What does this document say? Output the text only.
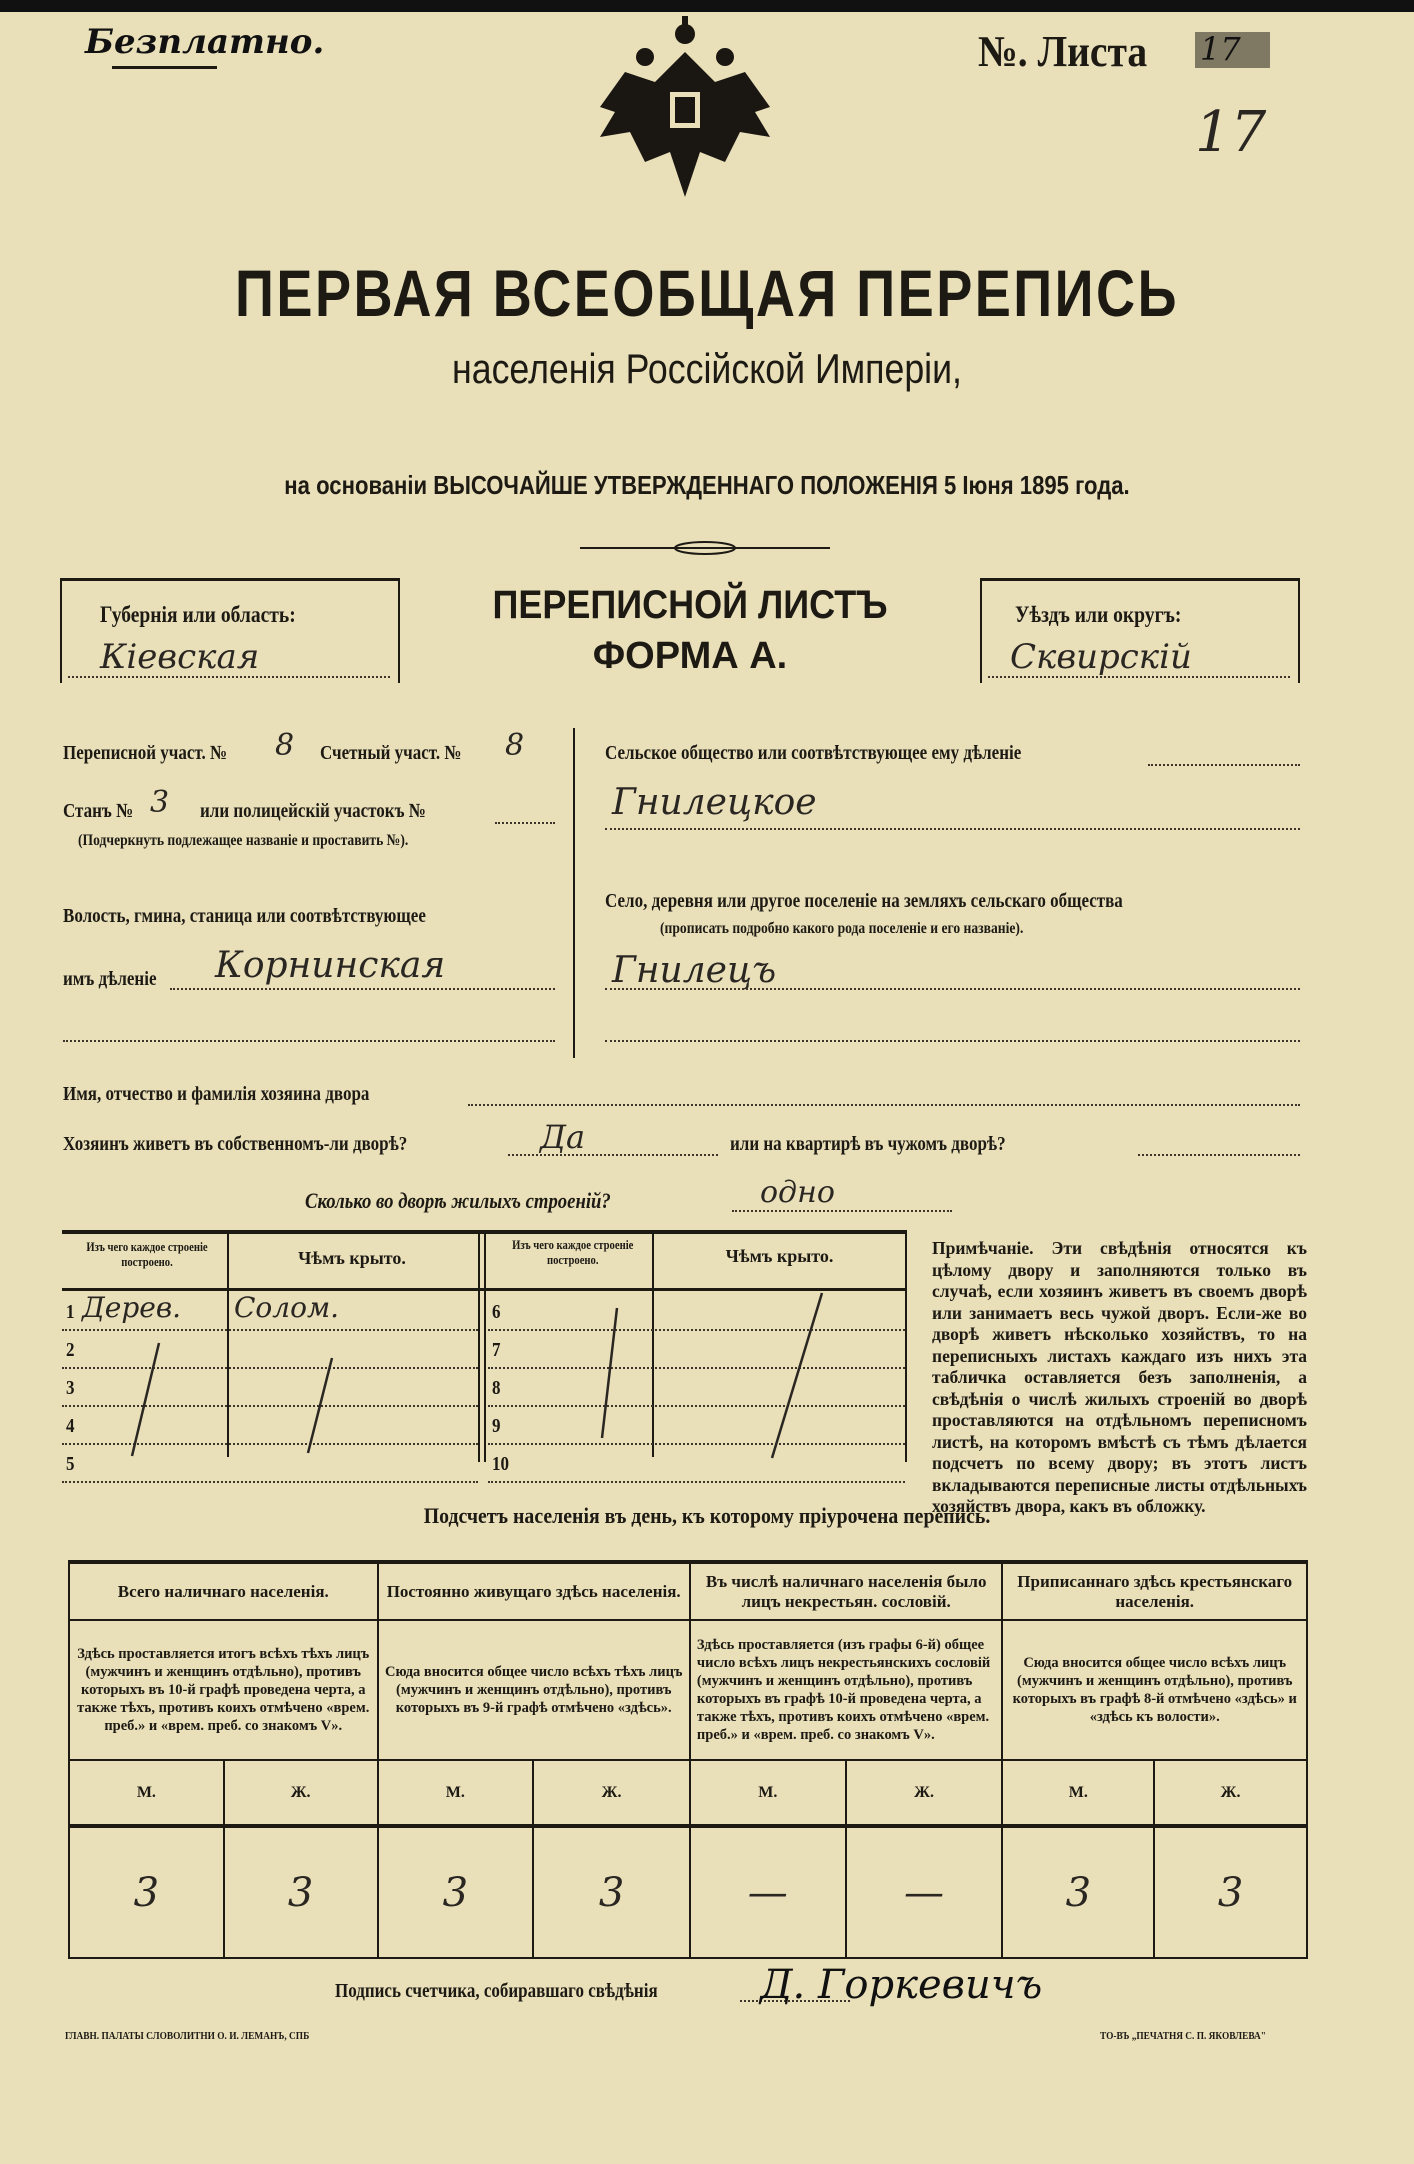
Безплатно.	№. Листа 17
17
ПЕРВАЯ ВСЕОБЩАЯ ПЕРЕПИСЬ
населенія Россійской Имперіи,
на основаніи ВЫСОЧАЙШЕ УТВЕРЖДЕННАГО ПОЛОЖЕНІЯ 5 Іюня 1895 года.
Губернія или область:
Кіевская
ПЕРЕПИСНОЙ ЛИСТЪ
ФОРМА А.
Уѣздъ или округъ:
Сквирскій
Переписной участ. № 8 Счетный участ. № 8
Станъ № 3 или полицейскій участокъ №
(Подчеркнуть подлежащее названіе и проставить №).
Волость, гмина, станица или соотвѣтствующее
имъ дѣленіе Корнинская
Сельское общество или соотвѣтствующее ему дѣленіе
Гнилецкое
Село, деревня или другое поселеніе на земляхъ сельскаго общества
(прописать подробно какого рода поселеніе и его названіе).
Гнилецъ
Имя, отчество и фамилія хозяина двора
Хозяинъ живетъ въ собственномъ-ли дворѣ?	Да	или на квартирѣ въ чужомъ дворѣ?
Сколько во дворѣ жилыхъ строеній?	одно
Изъ чего каждое строеніе построено.	Чѣмъ крыто.
Изъ чего каждое строеніе построено.	Чѣмъ крыто.
1 Дерев. Солом.
2
3
4
5
6
7
8
9
10
Примѣчаніе. Эти свѣдѣнія относятся къ цѣлому двору и заполняются только въ случаѣ, если хозяинъ живетъ въ своемъ дворѣ или занимаетъ весь чужой дворъ. Если-же во дворѣ живетъ нѣсколько хозяйствъ, то на переписныхъ листахъ каждаго изъ нихъ эта табличка оставляется безъ заполненія, а свѣдѣнія о числѣ жилыхъ строеній во дворѣ проставляются на отдѣльномъ переписномъ листѣ, на которомъ вмѣстѣ съ тѣмъ дѣлается подсчетъ по всему двору; въ этотъ листъ вкладываются переписные листы отдѣльныхъ хозяйствъ двора, какъ въ обложку.
Подсчетъ населенія въ день, къ которому пріурочена перепись.
Всего наличнаго населенія.		Постоянно живущаго здѣсь населенія.		Въ числѣ наличнаго населенія было лицъ некрестьян. сословій.		Приписаннаго здѣсь крестьянскаго населенія.	
Здѣсь проставляется итогъ всѣхъ тѣхъ лицъ (мужчинъ и женщинъ отдѣльно), противъ которыхъ въ 10-й графѣ проведена черта, а также тѣхъ, противъ коихъ отмѣчено «врем. преб.» и «врем. преб. со знакомъ V».		Сюда вносится общее число всѣхъ тѣхъ лицъ (мужчинъ и женщинъ отдѣльно), противъ которыхъ въ 9-й графѣ отмѣчено «здѣсь».		Здѣсь проставляется (изъ графы 6-й) общее число всѣхъ лицъ некрестьянскихъ сословій (мужчинъ и женщинъ отдѣльно), противъ которыхъ въ графѣ 10-й проведена черта, а также тѣхъ, противъ коихъ отмѣчено «врем. преб.» и «врем. преб. со знакомъ V».		Сюда вносится общее число всѣхъ лицъ (мужчинъ и женщинъ отдѣльно), противъ которыхъ въ графѣ 8-й отмѣчено «здѣсь» и «здѣсь къ волости».	
М.	Ж.	М.	Ж.	М.	Ж.	М.	Ж.
3	3	3	3	—	—	3	3
Подпись счетчика, собиравшаго свѣдѣнія	Д. Горкевичъ
ГЛАВН. ПАЛАТЫ СЛОВОЛИТНИ О. И. ЛЕМАНЪ, СПБ	ТО-ВЪ „ПЕЧАТНЯ С. П. ЯКОВЛЕВА"
